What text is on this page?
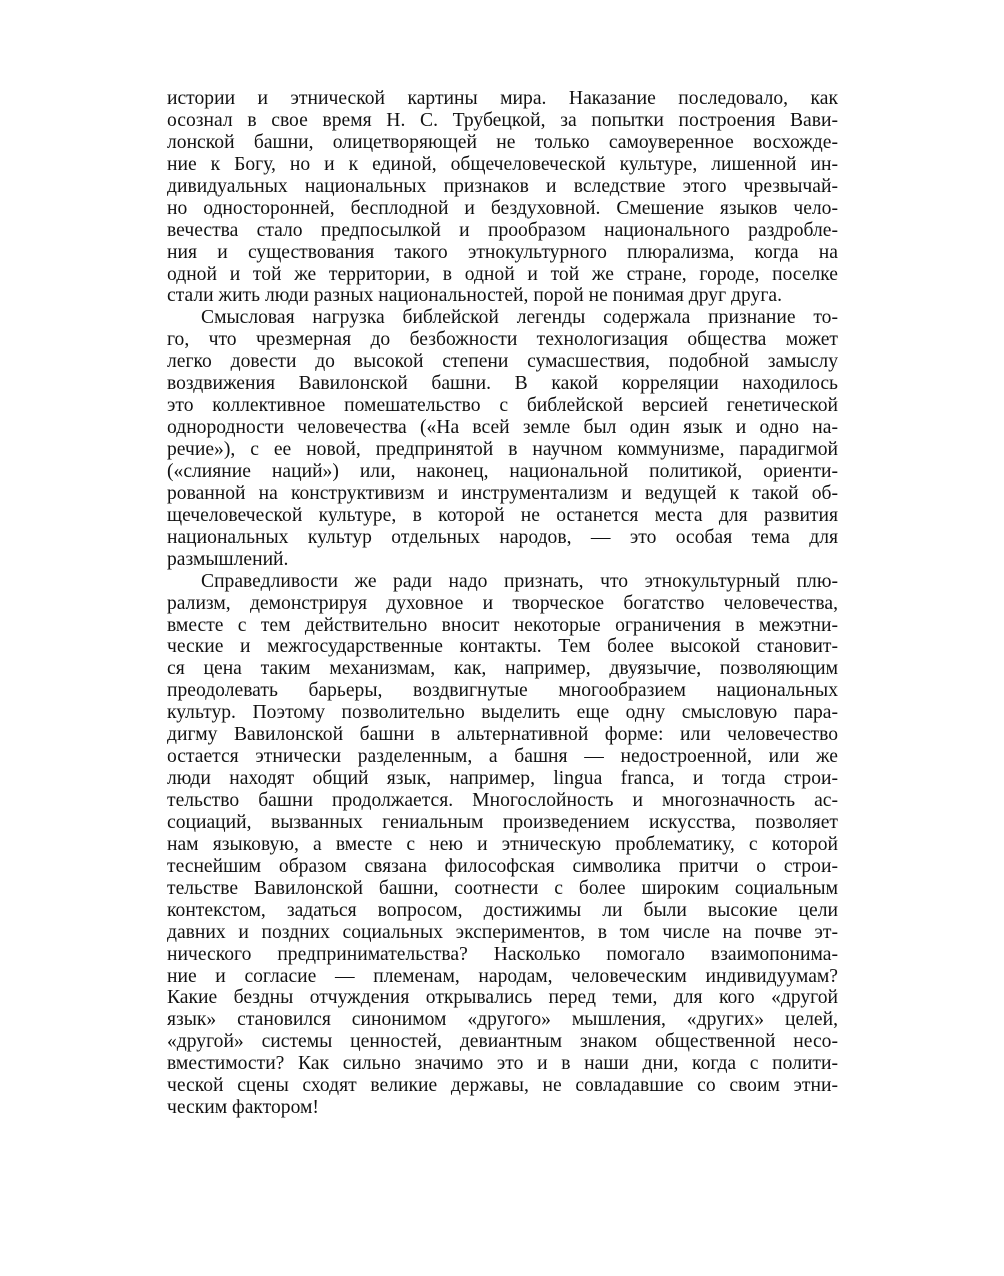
истории и этнической картины мира. Наказание последовало, как
осознал в свое время Н. С. Трубецкой, за попытки построения Вави-
лонской башни, олицетворяющей не только самоуверенное восхожде-
ние к Богу, но и к единой, общечеловеческой культуре, лишенной ин-
дивидуальных национальных признаков и вследствие этого чрезвычай-
но односторонней, бесплодной и бездуховной. Смешение языков чело-
вечества стало предпосылкой и прообразом национального раздробле-
ния и существования такого этнокультурного плюрализма, когда на
одной и той же территории, в одной и той же стране, городе, поселке
стали жить люди разных национальностей, порой не понимая друг друга.
Смысловая нагрузка библейской легенды содержала признание то-
го, что чрезмерная до безбожности технологизация общества может
легко довести до высокой степени сумасшествия, подобной замыслу
воздвижения Вавилонской башни. В какой корреляции находилось
это коллективное помешательство с библейской версией генетической
однородности человечества («На всей земле был один язык и одно на-
речие»), с ее новой, предпринятой в научном коммунизме, парадигмой
(«слияние наций») или, наконец, национальной политикой, ориенти-
рованной на конструктивизм и инструментализм и ведущей к такой об-
щечеловеческой культуре, в которой не останется места для развития
национальных культур отдельных народов, — это особая тема для
размышлений.
Справедливости же ради надо признать, что этнокультурный плю-
рализм, демонстрируя духовное и творческое богатство человечества,
вместе с тем действительно вносит некоторые ограничения в межэтни-
ческие и межгосударственные контакты. Тем более высокой становит-
ся цена таким механизмам, как, например, двуязычие, позволяющим
преодолевать барьеры, воздвигнутые многообразием национальных
культур. Поэтому позволительно выделить еще одну смысловую пара-
дигму Вавилонской башни в альтернативной форме: или человечество
остается этнически разделенным, а башня — недостроенной, или же
люди находят общий язык, например, lingua franca, и тогда строи-
тельство башни продолжается. Многослойность и многозначность ас-
социаций, вызванных гениальным произведением искусства, позволяет
нам языковую, а вместе с нею и этническую проблематику, с которой
теснейшим образом связана философская символика притчи о строи-
тельстве Вавилонской башни, соотнести с более широким социальным
контекстом, задаться вопросом, достижимы ли были высокие цели
давних и поздних социальных экспериментов, в том числе на почве эт-
нического предпринимательства? Насколько помогало взаимопонима-
ние и согласие — племенам, народам, человеческим индивидуумам?
Какие бездны отчуждения открывались перед теми, для кого «другой
язык» становился синонимом «другого» мышления, «других» целей,
«другой» системы ценностей, девиантным знаком общественной несо-
вместимости? Как сильно значимо это и в наши дни, когда с полити-
ческой сцены сходят великие державы, не совладавшие со своим этни-
ческим фактором!
